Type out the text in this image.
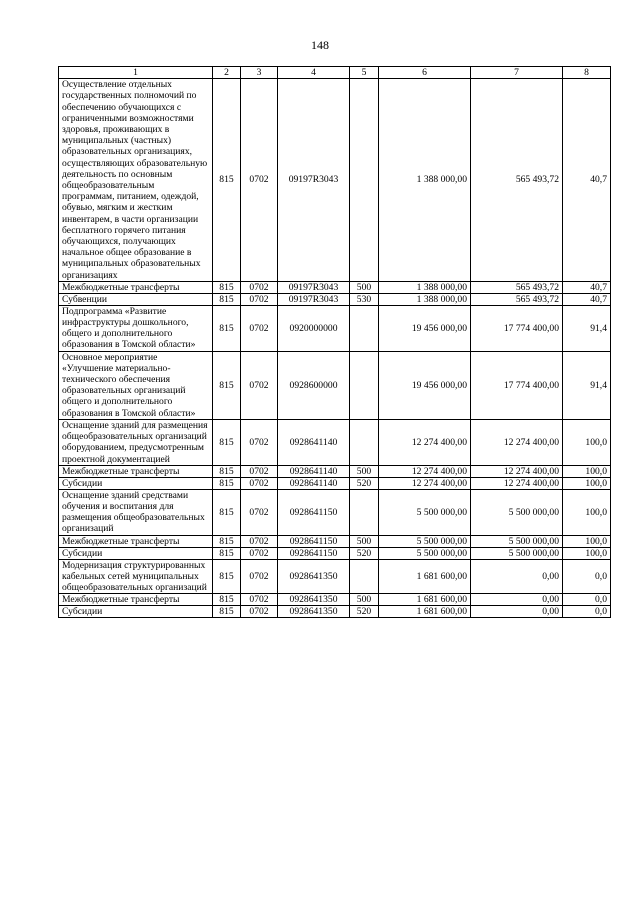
148
1	2	3	4	5	6	7	8
Осуществление отдельных государственных полномочий по обеспечению обучающихся с ограниченными возможностями здоровья, проживающих в муниципальных (частных) образовательных организациях, осуществляющих образовательную деятельность по основным общеобразовательным программам, питанием, одеждой, обувью, мягким и жестким инвентарем, в части организации бесплатного горячего питания обучающихся, получающих начальное общее образование в муниципальных образовательных организациях	815	0702	09197R3043		1 388 000,00	565 493,72	40,7
Межбюджетные трансферты	815	0702	09197R3043	500	1 388 000,00	565 493,72	40,7
Субвенции	815	0702	09197R3043	530	1 388 000,00	565 493,72	40,7
Подпрограмма «Развитие инфраструктуры дошкольного, общего и дополнительного образования в Томской области»	815	0702	0920000000		19 456 000,00	17 774 400,00	91,4
Основное мероприятие «Улучшение материально-технического обеспечения образовательных организаций общего и дополнительного образования в Томской области»	815	0702	0928600000		19 456 000,00	17 774 400,00	91,4
Оснащение зданий для размещения общеобразовательных организаций оборудованием, предусмотренным проектной документацией	815	0702	0928641140		12 274 400,00	12 274 400,00	100,0
Межбюджетные трансферты	815	0702	0928641140	500	12 274 400,00	12 274 400,00	100,0
Субсидии	815	0702	0928641140	520	12 274 400,00	12 274 400,00	100,0
Оснащение зданий средствами обучения и воспитания для размещения общеобразовательных организаций	815	0702	0928641150		5 500 000,00	5 500 000,00	100,0
Межбюджетные трансферты	815	0702	0928641150	500	5 500 000,00	5 500 000,00	100,0
Субсидии	815	0702	0928641150	520	5 500 000,00	5 500 000,00	100,0
Модернизация структурированных кабельных сетей муниципальных общеобразовательных организаций	815	0702	0928641350		1 681 600,00	0,00	0,0
Межбюджетные трансферты	815	0702	0928641350	500	1 681 600,00	0,00	0,0
Субсидии	815	0702	0928641350	520	1 681 600,00	0,00	0,0
